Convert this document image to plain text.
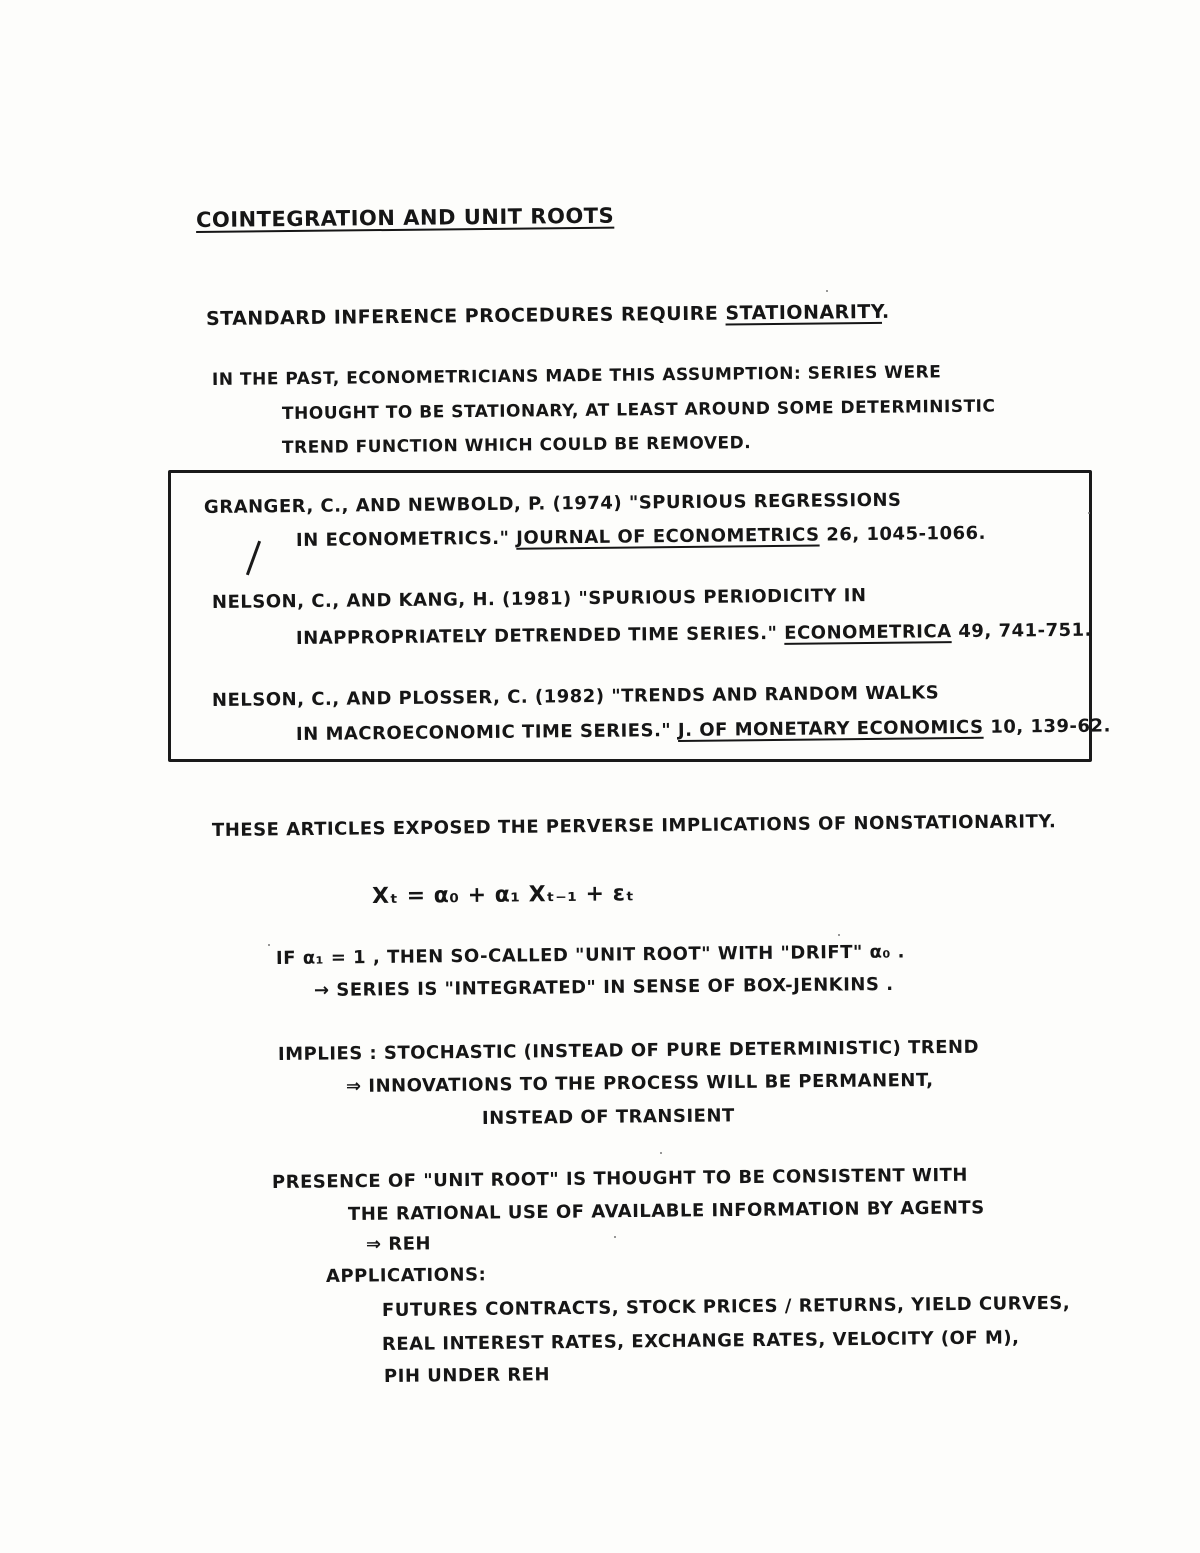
COINTEGRATION AND UNIT ROOTS
STANDARD INFERENCE PROCEDURES REQUIRE STATIONARITY.
IN THE PAST, ECONOMETRICIANS MADE THIS ASSUMPTION: SERIES WERE
THOUGHT TO BE STATIONARY, AT LEAST AROUND SOME DETERMINISTIC
TREND FUNCTION WHICH COULD BE REMOVED.
GRANGER, C., AND NEWBOLD, P. (1974) "SPURIOUS REGRESSIONS
IN ECONOMETRICS." JOURNAL OF ECONOMETRICS 26, 1045-1066.
NELSON, C., AND KANG, H. (1981) "SPURIOUS PERIODICITY IN
INAPPROPRIATELY DETRENDED TIME SERIES." ECONOMETRICA 49, 741-751.
NELSON, C., AND PLOSSER, C. (1982) "TRENDS AND RANDOM WALKS
IN MACROECONOMIC TIME SERIES." J. OF MONETARY ECONOMICS 10, 139-62.
THESE ARTICLES EXPOSED THE PERVERSE IMPLICATIONS OF NONSTATIONARITY.
Xₜ = α₀ + α₁ Xₜ₋₁ + εₜ
IF α₁ = 1 , THEN SO-CALLED "UNIT ROOT" WITH "DRIFT" α₀ .
→ SERIES IS "INTEGRATED" IN SENSE OF BOX-JENKINS .
IMPLIES : STOCHASTIC (INSTEAD OF PURE DETERMINISTIC) TREND
⇒ INNOVATIONS TO THE PROCESS WILL BE PERMANENT,
INSTEAD OF TRANSIENT
PRESENCE OF "UNIT ROOT" IS THOUGHT TO BE CONSISTENT WITH
THE RATIONAL USE OF AVAILABLE INFORMATION BY AGENTS
⇒ REH
APPLICATIONS:
FUTURES CONTRACTS, STOCK PRICES / RETURNS, YIELD CURVES,
REAL INTEREST RATES, EXCHANGE RATES, VELOCITY (OF M),
PIH UNDER REH
